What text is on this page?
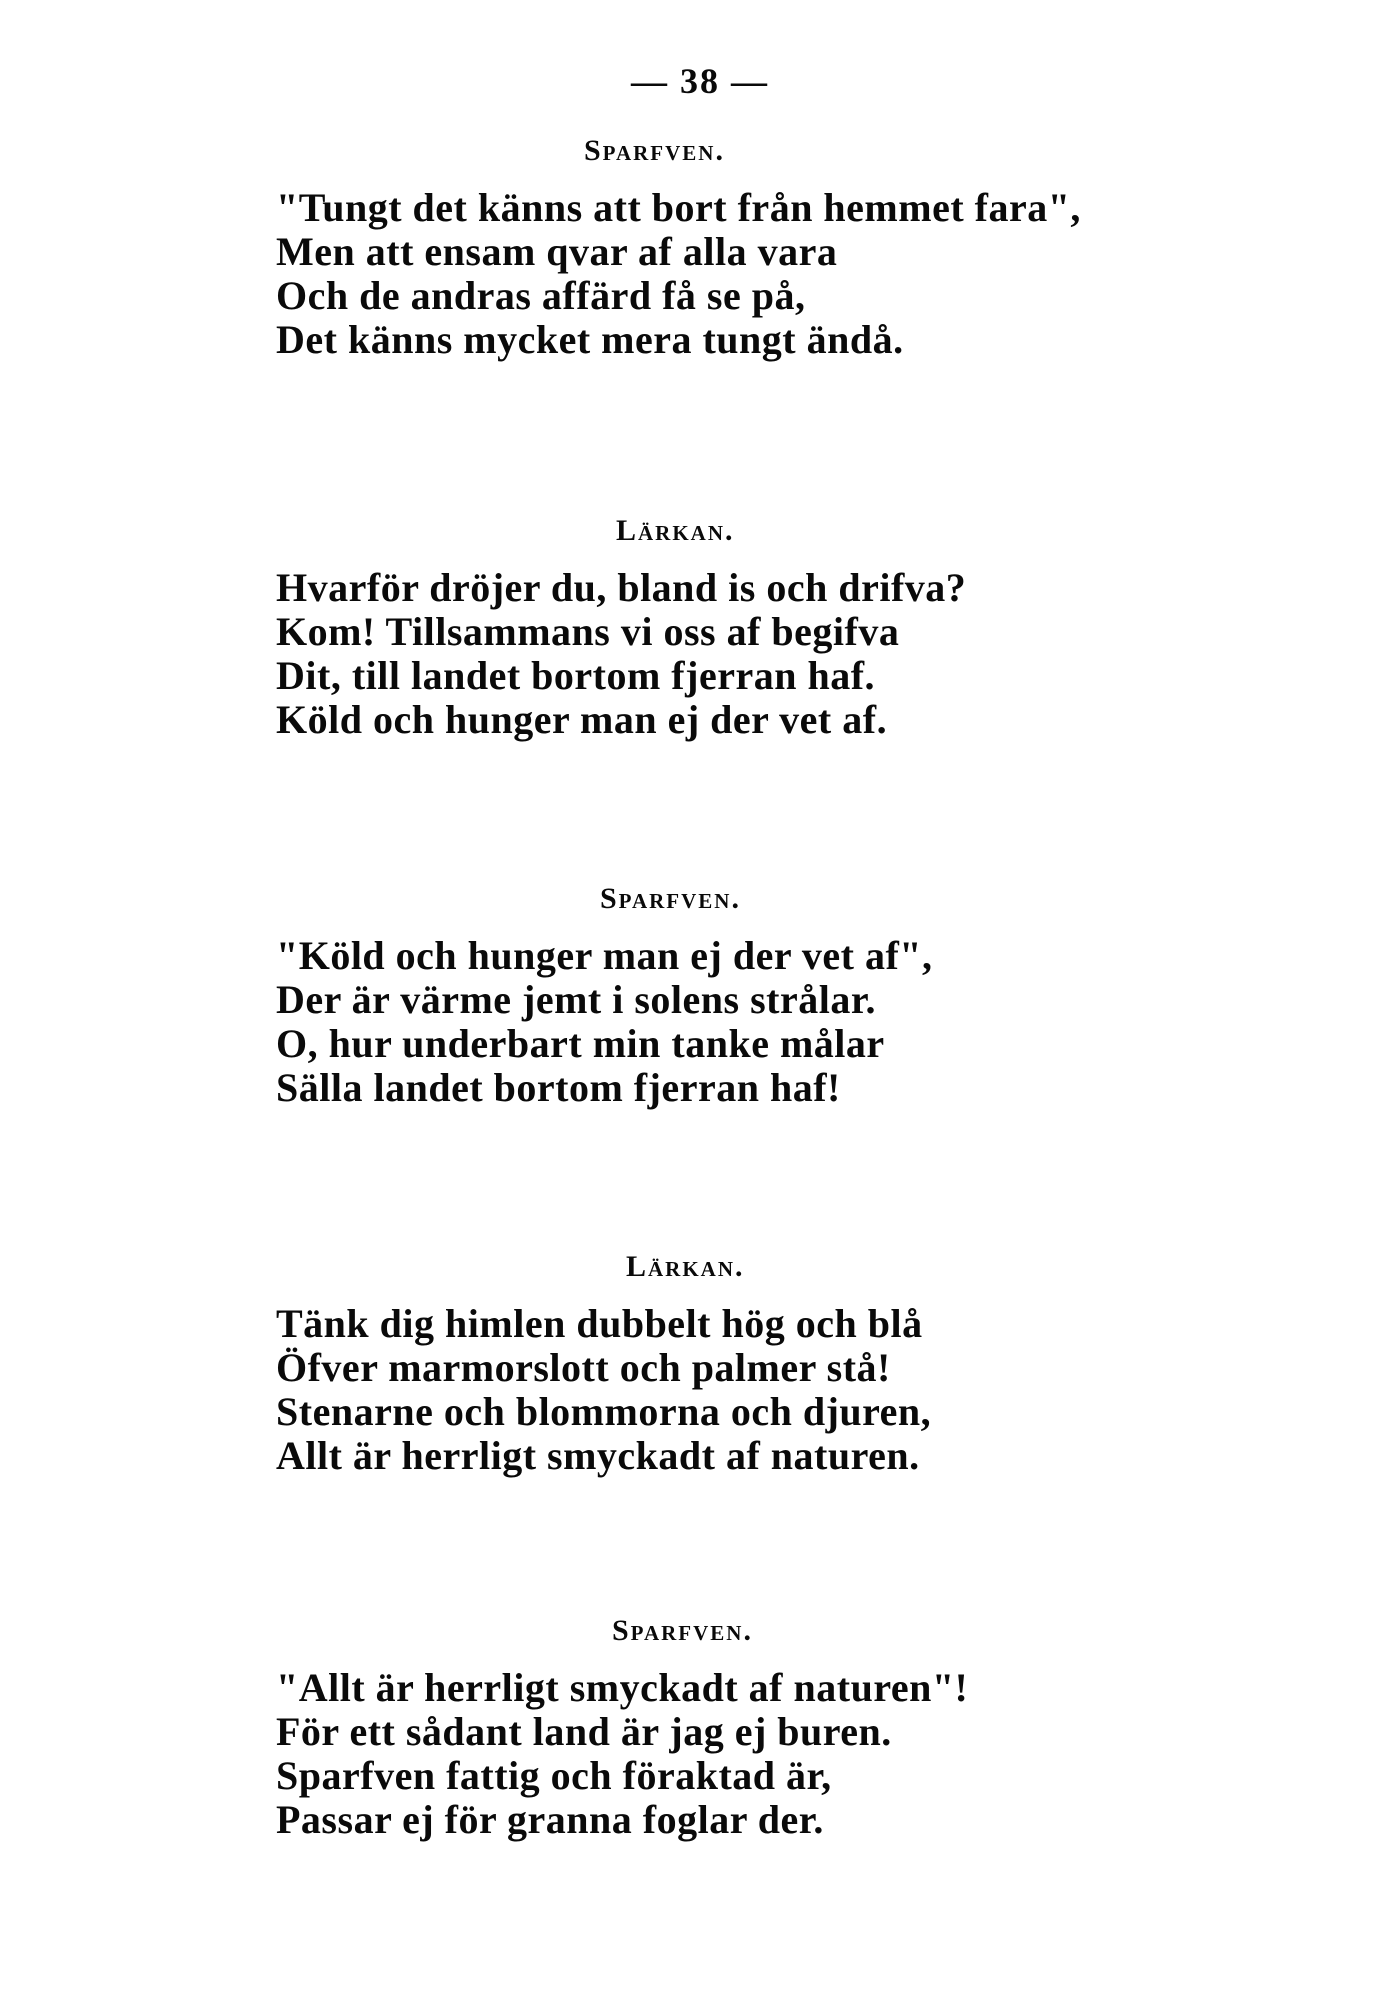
— 38 —
Sparfven.
"Tungt det känns att bort från hemmet fara",
Men att ensam qvar af alla vara
Och de andras affärd få se på,
Det känns mycket mera tungt ändå.
Lärkan.
Hvarför dröjer du, bland is och drifva?
Kom! Tillsammans vi oss af begifva
Dit, till landet bortom fjerran haf.
Köld och hunger man ej der vet af.
Sparfven.
"Köld och hunger man ej der vet af",
Der är värme jemt i solens strålar.
O, hur underbart min tanke målar
Sälla landet bortom fjerran haf!
Lärkan.
Tänk dig himlen dubbelt hög och blå
Öfver marmorslott och palmer stå!
Stenarne och blommorna och djuren,
Allt är herrligt smyckadt af naturen.
Sparfven.
"Allt är herrligt smyckadt af naturen"!
För ett sådant land är jag ej buren.
Sparfven fattig och föraktad är,
Passar ej för granna foglar der.
